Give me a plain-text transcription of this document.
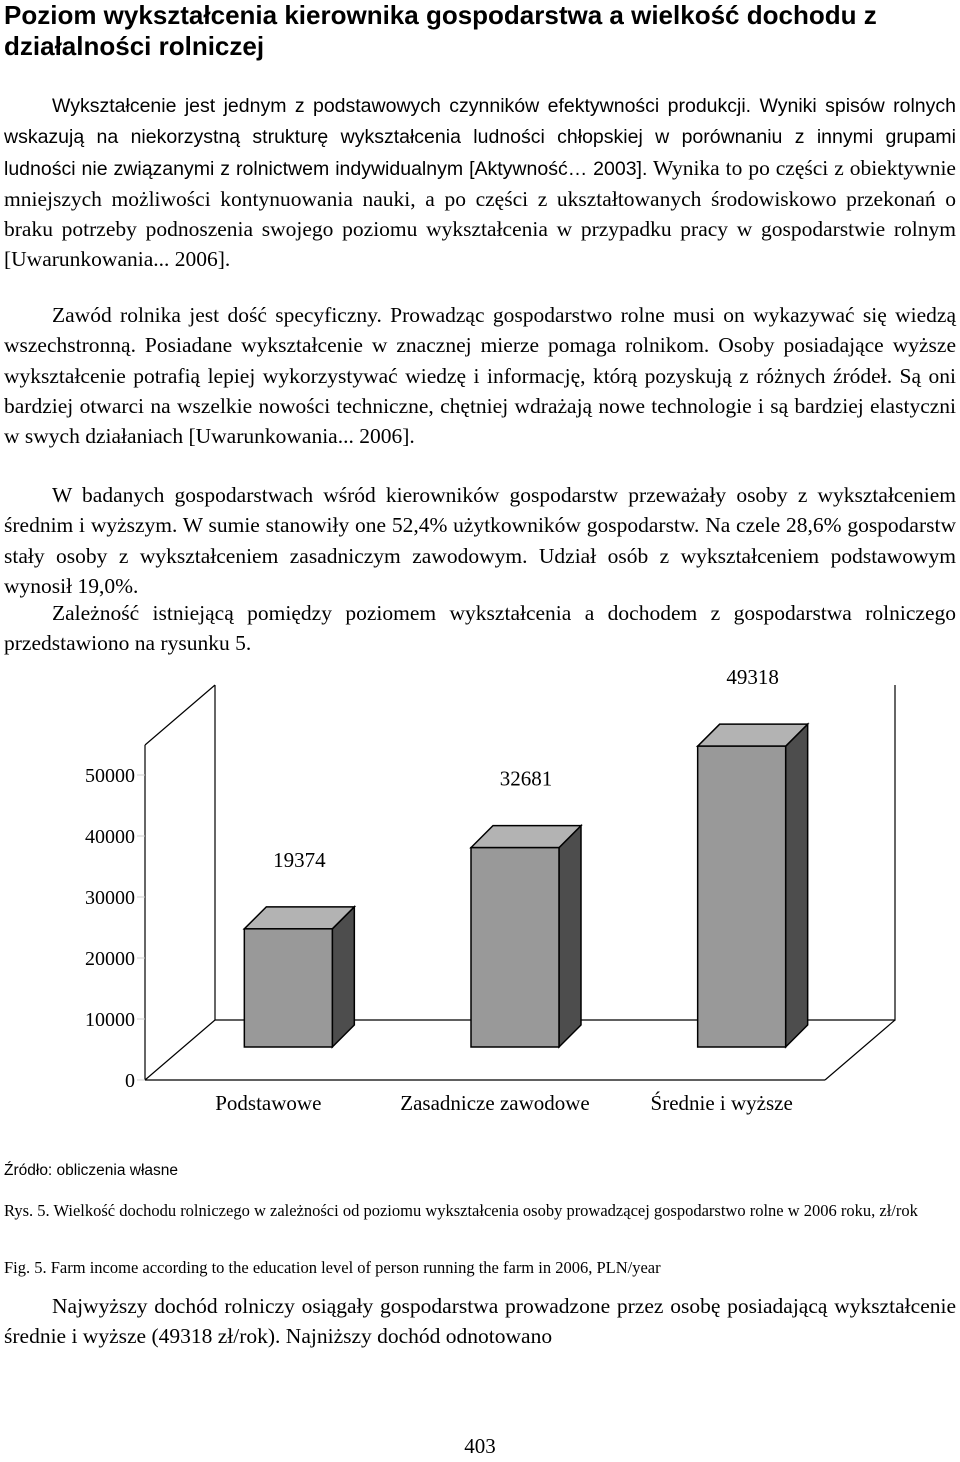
Poziom wykształcenia kierownika gospodarstwa a wielkość dochodu z działalności rolniczej

Wykształcenie jest jednym z podstawowych czynników efektywności produkcji. Wyniki spisów rolnych wskazują na niekorzystną strukturę wykształcenia ludności chłopskiej w porównaniu z innymi grupami ludności nie związanymi z rolnictwem indywidualnym [Aktywność… 2003]. Wynika to po części z obiektywnie mniejszych możliwości kontynuowania nauki, a po części z ukształtowanych środowiskowo przekonań o braku potrzeby podnoszenia swojego poziomu wykształcenia w przypadku pracy w gospodarstwie rolnym [Uwarunkowania... 2006].

Zawód rolnika jest dość specyficzny. Prowadząc gospodarstwo rolne musi on wykazywać się wiedzą wszechstronną. Posiadane wykształcenie w znacznej mierze pomaga rolnikom. Osoby posiadające wyższe wykształcenie potrafią lepiej wykorzystywać wiedzę i informację, którą pozyskują z różnych źródeł. Są oni bardziej otwarci na wszelkie nowości techniczne, chętniej wdrażają nowe technologie i są bardziej elastyczni w swych działaniach [Uwarunkowania... 2006].

W badanych gospodarstwach wśród kierowników gospodarstw przeważały osoby z wykształceniem średnim i wyższym. W sumie stanowiły one 52,4% użytkowników gospodarstw. Na czele 28,6% gospodarstw stały osoby z wykształceniem zasadniczym zawodowym. Udział osób z wykształceniem podstawowym wynosił 19,0%.

Zależność istniejącą pomiędzy poziomem wykształcenia a dochodem z gospodarstwa rolniczego przedstawiono na rysunku 5.

0
10000
20000
30000
40000
50000
19374
Podstawowe
32681
Zasadnicze zawodowe
49318
Średnie i wyższe

Źródło: obliczenia własne

Rys. 5. Wielkość dochodu rolniczego w zależności od poziomu wykształcenia osoby prowadzącej gospodarstwo rolne w 2006 roku, zł/rok

Fig. 5. Farm income according to the education level of person running the farm in 2006, PLN/year

Najwyższy dochód rolniczy osiągały gospodarstwa prowadzone przez osobę posiadającą wykształcenie średnie i wyższe (49318 zł/rok). Najniższy dochód odnotowano

403
